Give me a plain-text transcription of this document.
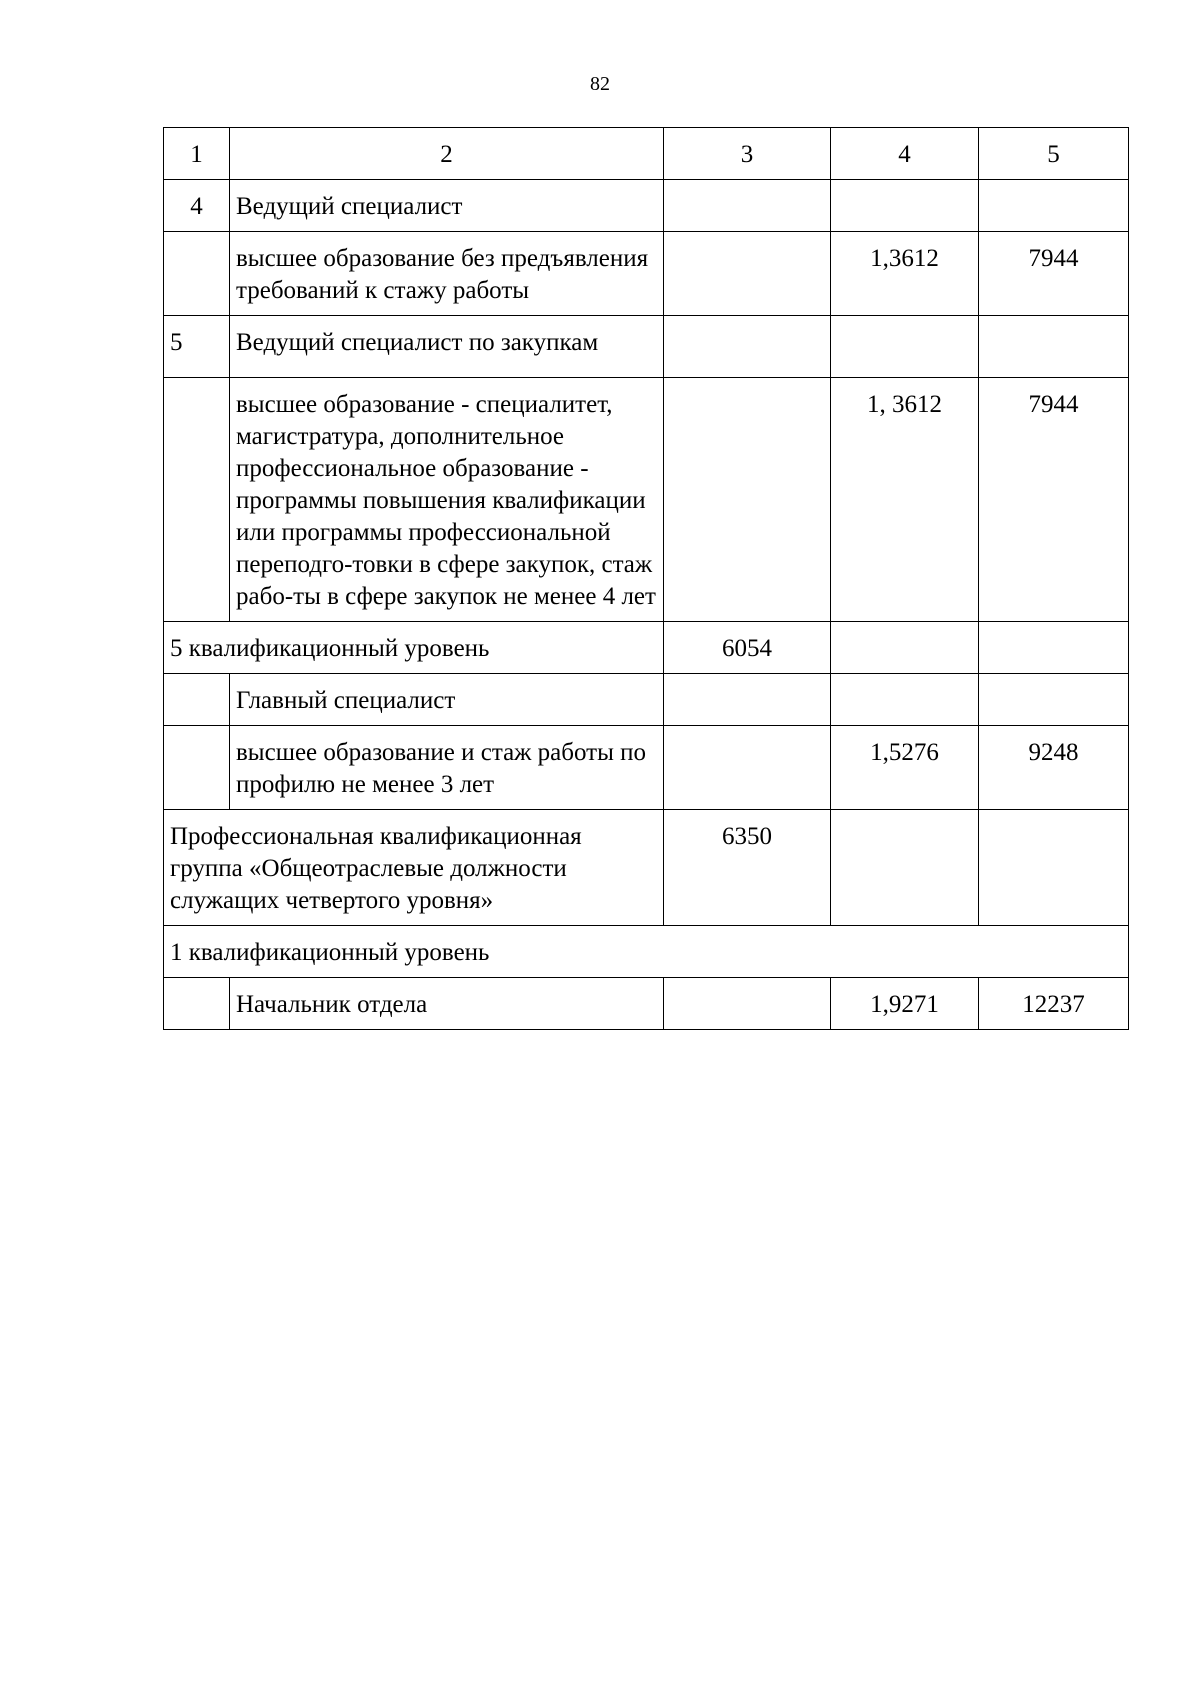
82
1	2	3	4	5
4	Ведущий специалист			
	высшее образование без предъявления требований к стажу работы		1,3612	7944
5	Ведущий специалист по закупкам			
	высшее образование - специалитет, магистратура, дополнительное профессиональное образование - программы повышения квалификации или программы профессиональной переподго-товки в сфере закупок, стаж рабо-ты в сфере закупок не менее 4 лет		1, 3612	7944
5 квалификационный уровень		6054		
	Главный специалист			
	высшее образование и стаж работы по профилю не менее 3 лет		1,5276	9248
Профессиональная квалификационная группа «Общеотраслевые должности служащих четвертого уровня»		6350		
1 квалификационный уровень				
	Начальник отдела		1,9271	12237
